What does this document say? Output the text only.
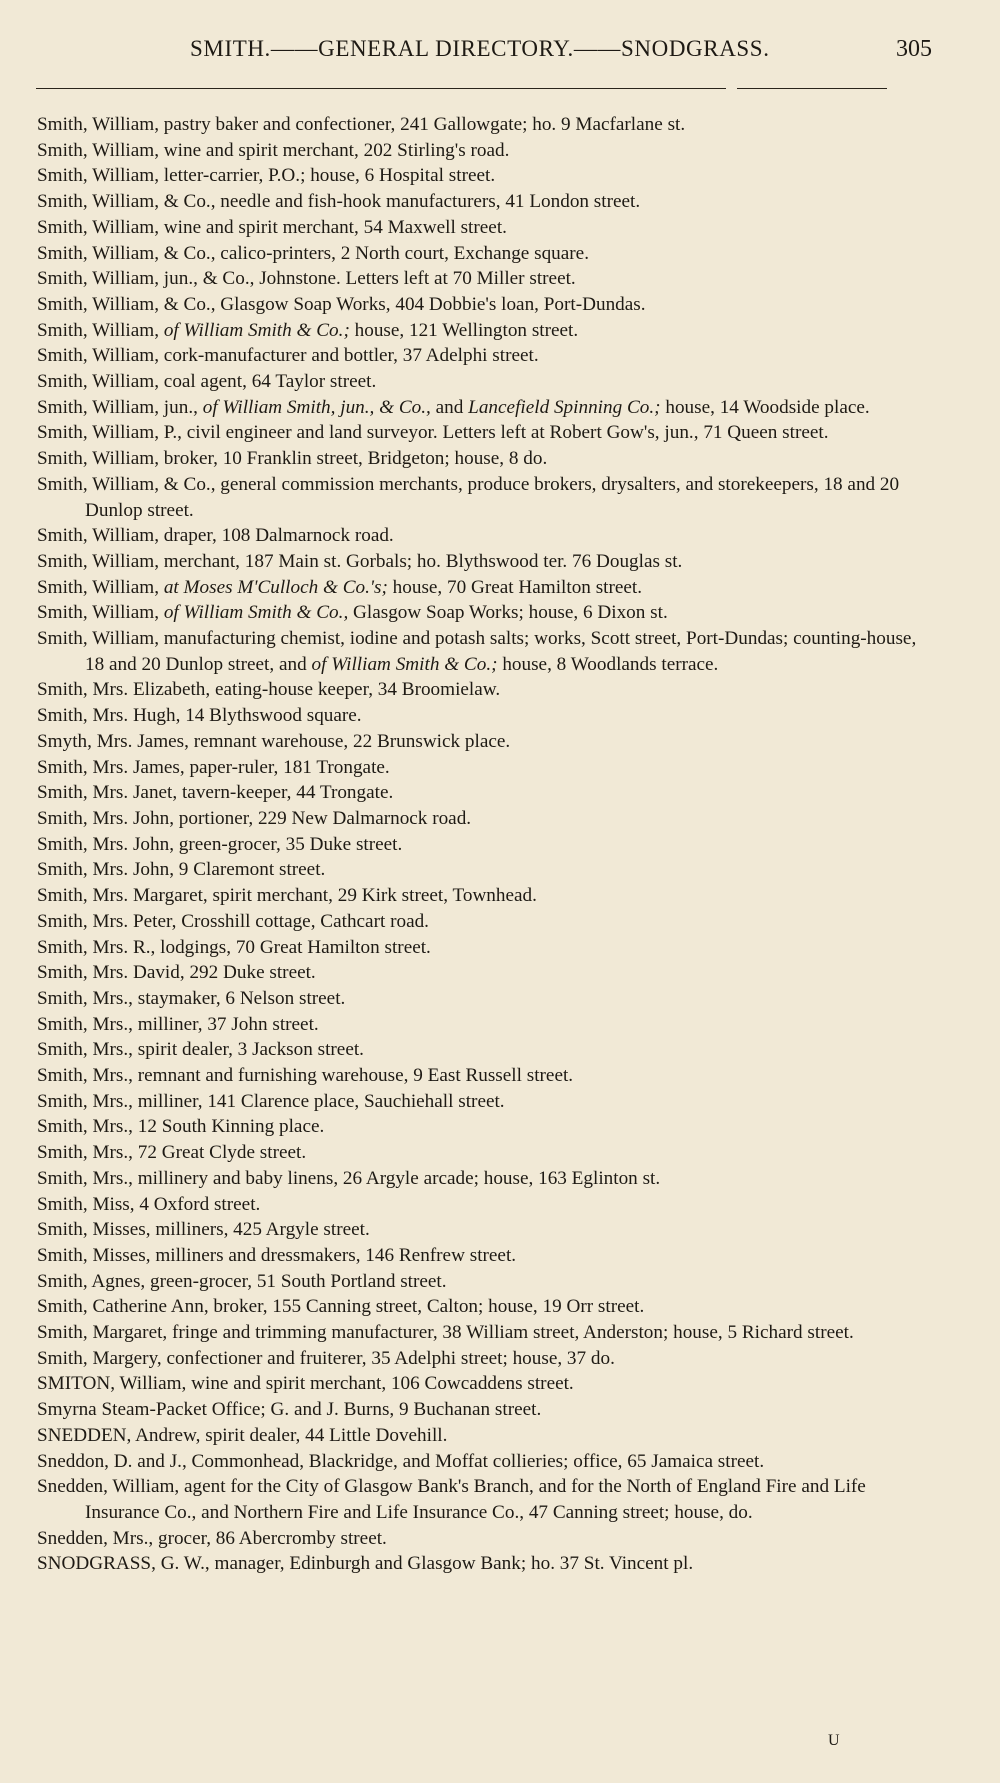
SMITH.——GENERAL DIRECTORY.——SNODGRASS.	305
Smith, William, pastry baker and confectioner, 241 Gallowgate; ho. 9 Macfarlane st.
Smith, William, wine and spirit merchant, 202 Stirling's road.
Smith, William, letter-carrier, P.O.; house, 6 Hospital street.
Smith, William, & Co., needle and fish-hook manufacturers, 41 London street.
Smith, William, wine and spirit merchant, 54 Maxwell street.
Smith, William, & Co., calico-printers, 2 North court, Exchange square.
Smith, William, jun., & Co., Johnstone. Letters left at 70 Miller street.
Smith, William, & Co., Glasgow Soap Works, 404 Dobbie's loan, Port-Dundas.
Smith, William, of William Smith & Co.; house, 121 Wellington street.
Smith, William, cork-manufacturer and bottler, 37 Adelphi street.
Smith, William, coal agent, 64 Taylor street.
Smith, William, jun., of William Smith, jun., & Co., and Lancefield Spinning Co.; house, 14 Woodside place.
Smith, William, P., civil engineer and land surveyor. Letters left at Robert Gow's, jun., 71 Queen street.
Smith, William, broker, 10 Franklin street, Bridgeton; house, 8 do.
Smith, William, & Co., general commission merchants, produce brokers, drysalters, and storekeepers, 18 and 20 Dunlop street.
Smith, William, draper, 108 Dalmarnock road.
Smith, William, merchant, 187 Main st. Gorbals; ho. Blythswood ter. 76 Douglas st.
Smith, William, at Moses M'Culloch & Co.'s; house, 70 Great Hamilton street.
Smith, William, of William Smith & Co., Glasgow Soap Works; house, 6 Dixon st.
Smith, William, manufacturing chemist, iodine and potash salts; works, Scott street, Port-Dundas; counting-house, 18 and 20 Dunlop street, and of William Smith & Co.; house, 8 Woodlands terrace.
Smith, Mrs. Elizabeth, eating-house keeper, 34 Broomielaw.
Smith, Mrs. Hugh, 14 Blythswood square.
Smyth, Mrs. James, remnant warehouse, 22 Brunswick place.
Smith, Mrs. James, paper-ruler, 181 Trongate.
Smith, Mrs. Janet, tavern-keeper, 44 Trongate.
Smith, Mrs. John, portioner, 229 New Dalmarnock road.
Smith, Mrs. John, green-grocer, 35 Duke street.
Smith, Mrs. John, 9 Claremont street.
Smith, Mrs. Margaret, spirit merchant, 29 Kirk street, Townhead.
Smith, Mrs. Peter, Crosshill cottage, Cathcart road.
Smith, Mrs. R., lodgings, 70 Great Hamilton street.
Smith, Mrs. David, 292 Duke street.
Smith, Mrs., staymaker, 6 Nelson street.
Smith, Mrs., milliner, 37 John street.
Smith, Mrs., spirit dealer, 3 Jackson street.
Smith, Mrs., remnant and furnishing warehouse, 9 East Russell street.
Smith, Mrs., milliner, 141 Clarence place, Sauchiehall street.
Smith, Mrs., 12 South Kinning place.
Smith, Mrs., 72 Great Clyde street.
Smith, Mrs., millinery and baby linens, 26 Argyle arcade; house, 163 Eglinton st.
Smith, Miss, 4 Oxford street.
Smith, Misses, milliners, 425 Argyle street.
Smith, Misses, milliners and dressmakers, 146 Renfrew street.
Smith, Agnes, green-grocer, 51 South Portland street.
Smith, Catherine Ann, broker, 155 Canning street, Calton; house, 19 Orr street.
Smith, Margaret, fringe and trimming manufacturer, 38 William street, Anderston; house, 5 Richard street.
Smith, Margery, confectioner and fruiterer, 35 Adelphi street; house, 37 do.
SMITON, William, wine and spirit merchant, 106 Cowcaddens street.
Smyrna Steam-Packet Office; G. and J. Burns, 9 Buchanan street.
SNEDDEN, Andrew, spirit dealer, 44 Little Dovehill.
Sneddon, D. and J., Commonhead, Blackridge, and Moffat collieries; office, 65 Jamaica street.
Snedden, William, agent for the City of Glasgow Bank's Branch, and for the North of England Fire and Life Insurance Co., and Northern Fire and Life Insurance Co., 47 Canning street; house, do.
Snedden, Mrs., grocer, 86 Abercromby street.
SNODGRASS, G. W., manager, Edinburgh and Glasgow Bank; ho. 37 St. Vincent pl.
U
